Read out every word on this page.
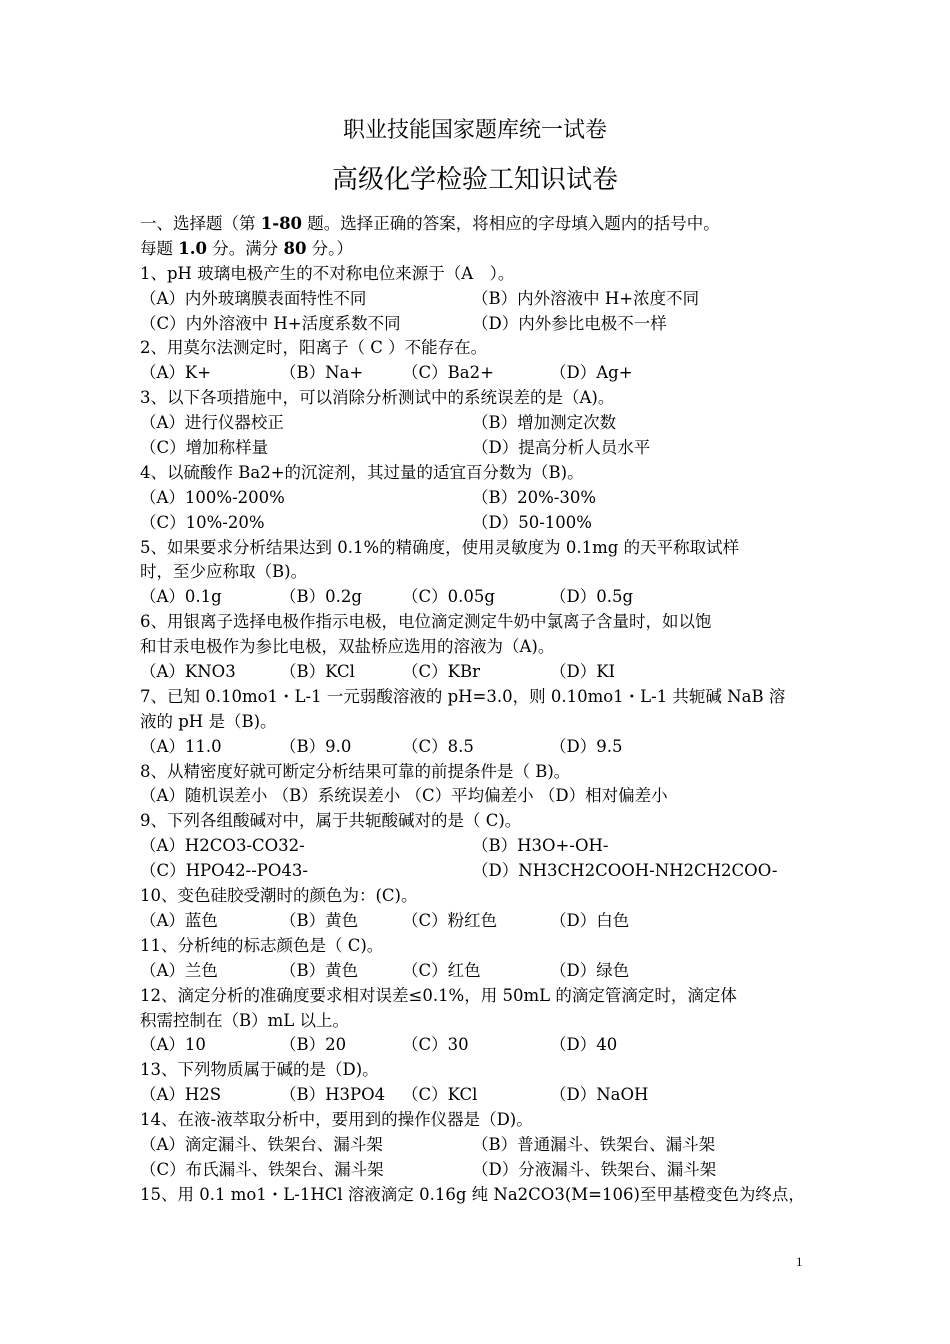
职业技能国家题库统一试卷
高级化学检验工知识试卷
一、选择题（第 1-80 题。选择正确的答案，将相应的字母填入题内的括号中。
每题 1.0 分。满分 80 分。）
1、pH 玻璃电极产生的不对称电位来源于（A　）。
（A）内外玻璃膜表面特性不同	（B）内外溶液中 H+浓度不同
（C）内外溶液中 H+活度系数不同	（D）内外参比电极不一样
2、用莫尔法测定时，阳离子（ C ）不能存在。
（A）K+	（B）Na+ （C）Ba2+	（D）Ag+
3、以下各项措施中，可以消除分析测试中的系统误差的是（A)。
（A）进行仪器校正	（B）增加测定次数
（C）增加称样量	（D）提高分析人员水平
4、以硫酸作 Ba2+的沉淀剂，其过量的适宜百分数为（B)。
（A）100%-200%	（B）20%-30%
（C）10%-20%	（D）50-100%
5、如果要求分析结果达到 0.1%的精确度，使用灵敏度为 0.1mg 的天平称取试样
时，至少应称取（B)。
（A）0.1g	（B）0.2g （C）0.05g	（D）0.5g
6、用银离子选择电极作指示电极，电位滴定测定牛奶中氯离子含量时，如以饱
和甘汞电极作为参比电极，双盐桥应选用的溶液为（A)。
（A）KNO3	（B）KCl	（C）KBr	（D）KI
7、已知 0.10mo1・L-1 一元弱酸溶液的 pH=3.0，则 0.10mo1・L-1 共轭碱 NaB 溶
液的 pH 是（B)。
（A）11.0	（B）9.0	（C）8.5	（D）9.5
8、从精密度好就可断定分析结果可靠的前提条件是（ B)。
（A）随机误差小 （B）系统误差小 （C）平均偏差小 （D）相对偏差小
9、下列各组酸碱对中，属于共轭酸碱对的是（ C)。
（A）H2CO3-CO32-	（B）H3O+-OH-
（C）HPO42--PO43-	（D）NH3CH2COOH-NH2CH2COO-
10、变色硅胶受潮时的颜色为：(C)。
（A）蓝色	（B）黄色	（C）粉红色	（D）白色
11、分析纯的标志颜色是（ C)。
（A）兰色	（B）黄色	（C）红色	（D）绿色
12、滴定分析的准确度要求相对误差≤0.1%，用 50mL 的滴定管滴定时，滴定体
积需控制在（B）mL 以上。
（A）10	（B）20	（C）30	（D）40
13、下列物质属于碱的是（D)。
（A）H2S	（B）H3PO4 （C）KCl	（D）NaOH
14、在液-液萃取分析中，要用到的操作仪器是（D)。
（A）滴定漏斗、铁架台、漏斗架	（B）普通漏斗、铁架台、漏斗架
（C）布氏漏斗、铁架台、漏斗架	（D）分液漏斗、铁架台、漏斗架
15、用 0.1 mo1・L-1HCl 溶液滴定 0.16g 纯 Na2CO3(M=106)至甲基橙变色为终点，
1
